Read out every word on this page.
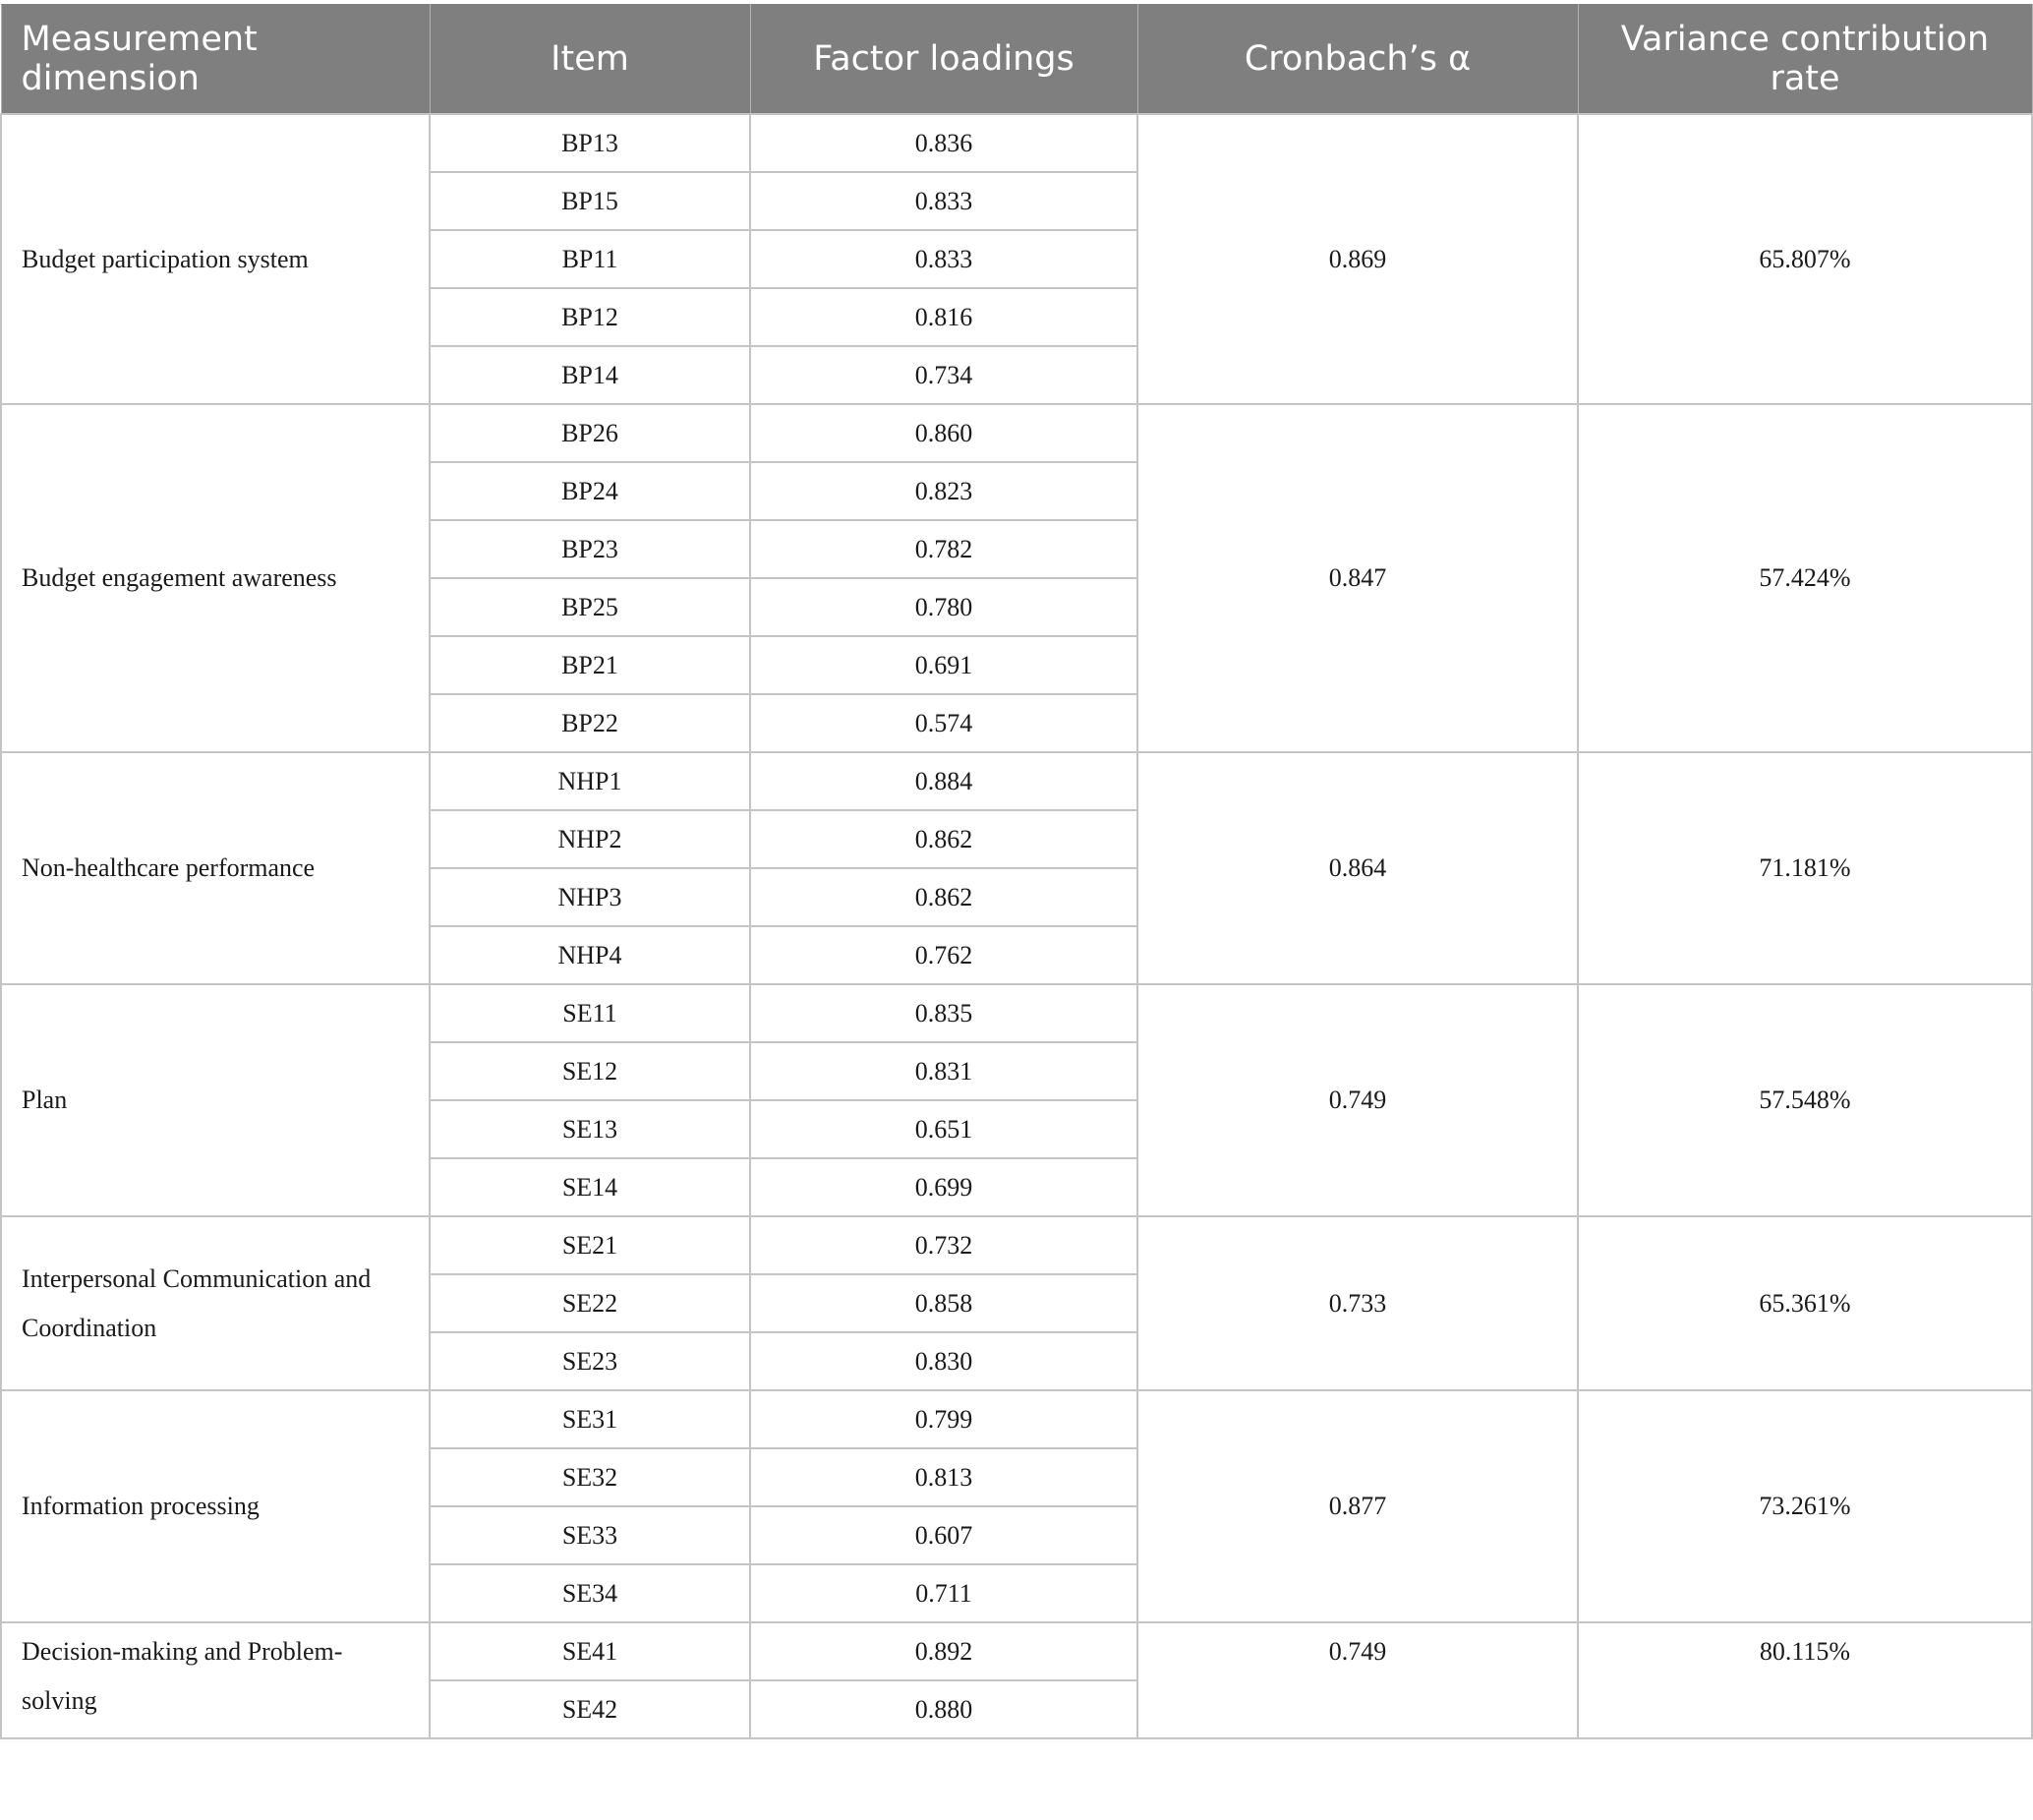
Measurement dimension	Item	Factor loadings	Cronbach’s α	Variance contribution rate
Budget participation system	BP13	0.836	0.869	65.807%
	BP15	0.833		
	BP11	0.833		
	BP12	0.816		
	BP14	0.734		
Budget engagement awareness	BP26	0.860	0.847	57.424%
	BP24	0.823		
	BP23	0.782		
	BP25	0.780		
	BP21	0.691		
	BP22	0.574		
Non-healthcare performance	NHP1	0.884	0.864	71.181%
	NHP2	0.862		
	NHP3	0.862		
	NHP4	0.762		
Plan	SE11	0.835	0.749	57.548%
	SE12	0.831		
	SE13	0.651		
	SE14	0.699		
Interpersonal Communication and Coordination	SE21	0.732	0.733	65.361%
	SE22	0.858		
	SE23	0.830		
Information processing	SE31	0.799	0.877	73.261%
	SE32	0.813		
	SE33	0.607		
	SE34	0.711		
Decision-making and Problem-solving	SE41	0.892	0.749	80.115%
	SE42	0.880		
